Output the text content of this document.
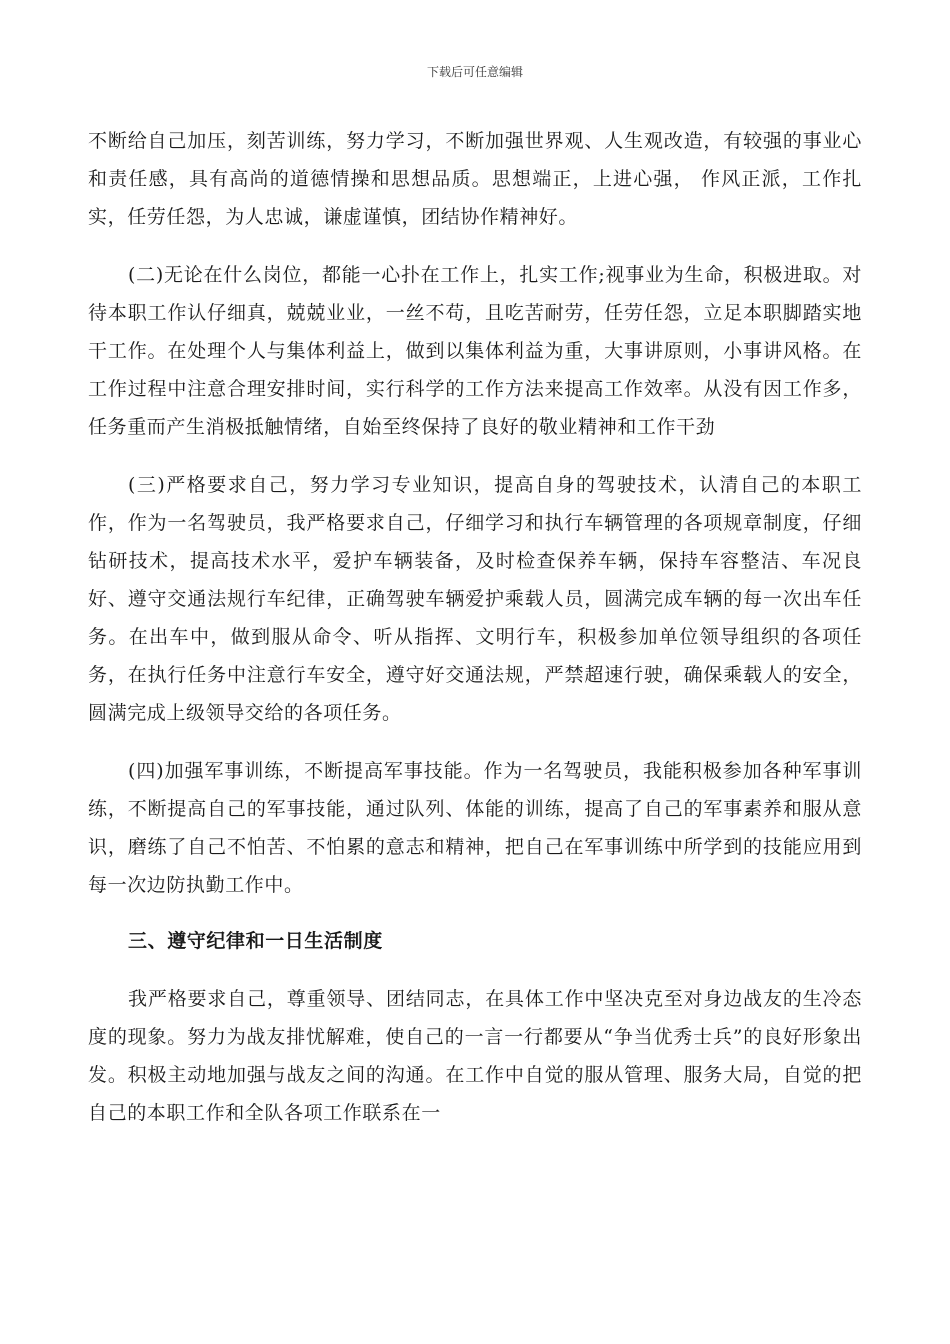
下载后可任意编辑

不断给自己加压，刻苦训练，努力学习，不断加强世界观、人生观改造，有较强的事业心和责任感，具有高尚的道德情操和思想品质。思想端正，上进心强， 作风正派，工作扎实，任劳任怨，为人忠诚，谦虚谨慎，团结协作精神好。

(二)无论在什么岗位，都能一心扑在工作上，扎实工作;视事业为生命，积极进取。对待本职工作认仔细真，兢兢业业，一丝不苟，且吃苦耐劳，任劳任怨，立足本职脚踏实地干工作。在处理个人与集体利益上，做到以集体利益为重，大事讲原则，小事讲风格。在工作过程中注意合理安排时间，实行科学的工作方法来提高工作效率。从没有因工作多，任务重而产生消极抵触情绪，自始至终保持了良好的敬业精神和工作干劲

(三)严格要求自己，努力学习专业知识，提高自身的驾驶技术，认清自己的本职工作，作为一名驾驶员，我严格要求自己，仔细学习和执行车辆管理的各项规章制度，仔细钻研技术，提高技术水平，爱护车辆装备，及时检查保养车辆，保持车容整洁、车况良好、遵守交通法规行车纪律，正确驾驶车辆爱护乘载人员，圆满完成车辆的每一次出车任务。在出车中，做到服从命令、听从指挥、文明行车，积极参加单位领导组织的各项任务，在执行任务中注意行车安全，遵守好交通法规，严禁超速行驶，确保乘载人的安全，圆满完成上级领导交给的各项任务。

(四)加强军事训练，不断提高军事技能。作为一名驾驶员，我能积极参加各种军事训练，不断提高自己的军事技能，通过队列、体能的训练，提高了自己的军事素养和服从意识，磨练了自己不怕苦、不怕累的意志和精神，把自己在军事训练中所学到的技能应用到每一次边防执勤工作中。

三、遵守纪律和一日生活制度

我严格要求自己，尊重领导、团结同志，在具体工作中坚决克至对身边战友的生冷态度的现象。努力为战友排忧解难，使自己的一言一行都要从“争当优秀士兵”的良好形象出发。积极主动地加强与战友之间的沟通。在工作中自觉的服从管理、服务大局，自觉的把自己的本职工作和全队各项工作联系在一
